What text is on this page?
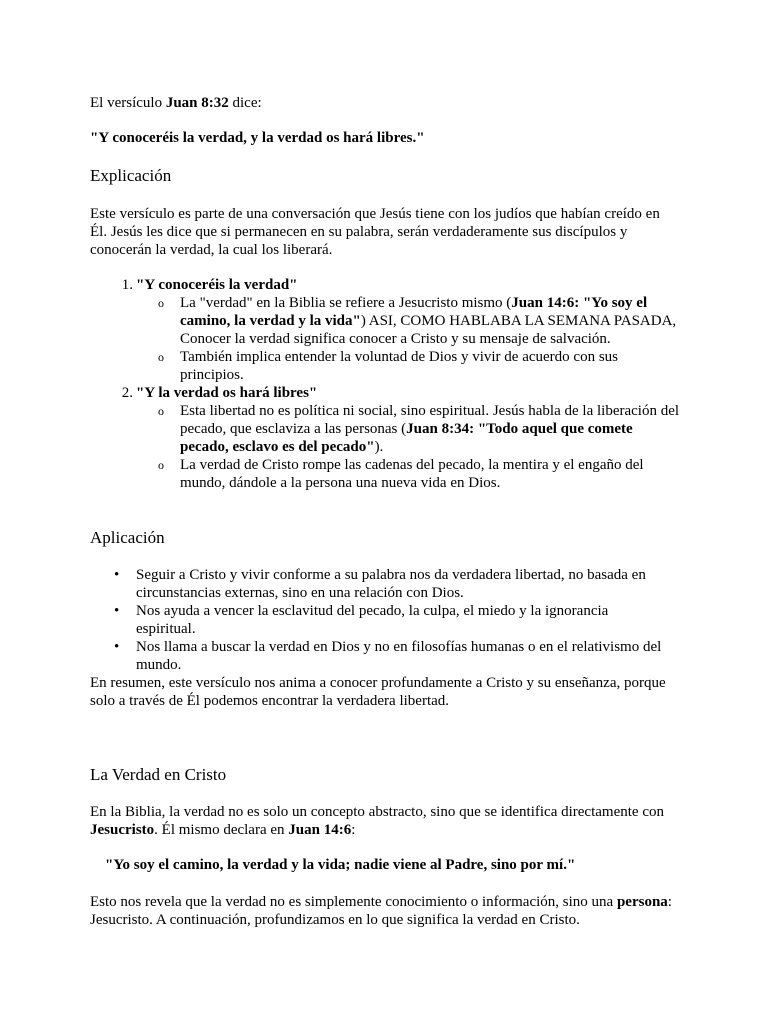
El versículo Juan 8:32 dice:

"Y conoceréis la verdad, y la verdad os hará libres."

Explicación

Este versículo es parte de una conversación que Jesús tiene con los judíos que habían creído en Él. Jesús les dice que si permanecen en su palabra, serán verdaderamente sus discípulos y conocerán la verdad, la cual los liberará.

1. "Y conoceréis la verdad"
o La "verdad" en la Biblia se refiere a Jesucristo mismo (Juan 14:6: "Yo soy el camino, la verdad y la vida") ASI, COMO HABLABA LA SEMANA PASADA, Conocer la verdad significa conocer a Cristo y su mensaje de salvación.
o También implica entender la voluntad de Dios y vivir de acuerdo con sus principios.
2. "Y la verdad os hará libres"
o Esta libertad no es política ni social, sino espiritual. Jesús habla de la liberación del pecado, que esclaviza a las personas (Juan 8:34: "Todo aquel que comete pecado, esclavo es del pecado").
o La verdad de Cristo rompe las cadenas del pecado, la mentira y el engaño del mundo, dándole a la persona una nueva vida en Dios.
Aplicación
• Seguir a Cristo y vivir conforme a su palabra nos da verdadera libertad, no basada en circunstancias externas, sino en una relación con Dios.
• Nos ayuda a vencer la esclavitud del pecado, la culpa, el miedo y la ignorancia espiritual.
• Nos llama a buscar la verdad en Dios y no en filosofías humanas o en el relativismo del mundo.

En resumen, este versículo nos anima a conocer profundamente a Cristo y su enseñanza, porque solo a través de Él podemos encontrar la verdadera libertad.

La Verdad en Cristo

En la Biblia, la verdad no es solo un concepto abstracto, sino que se identifica directamente con Jesucristo. Él mismo declara en Juan 14:6:

"Yo soy el camino, la verdad y la vida; nadie viene al Padre, sino por mí."

Esto nos revela que la verdad no es simplemente conocimiento o información, sino una persona: Jesucristo. A continuación, profundizamos en lo que significa la verdad en Cristo.
